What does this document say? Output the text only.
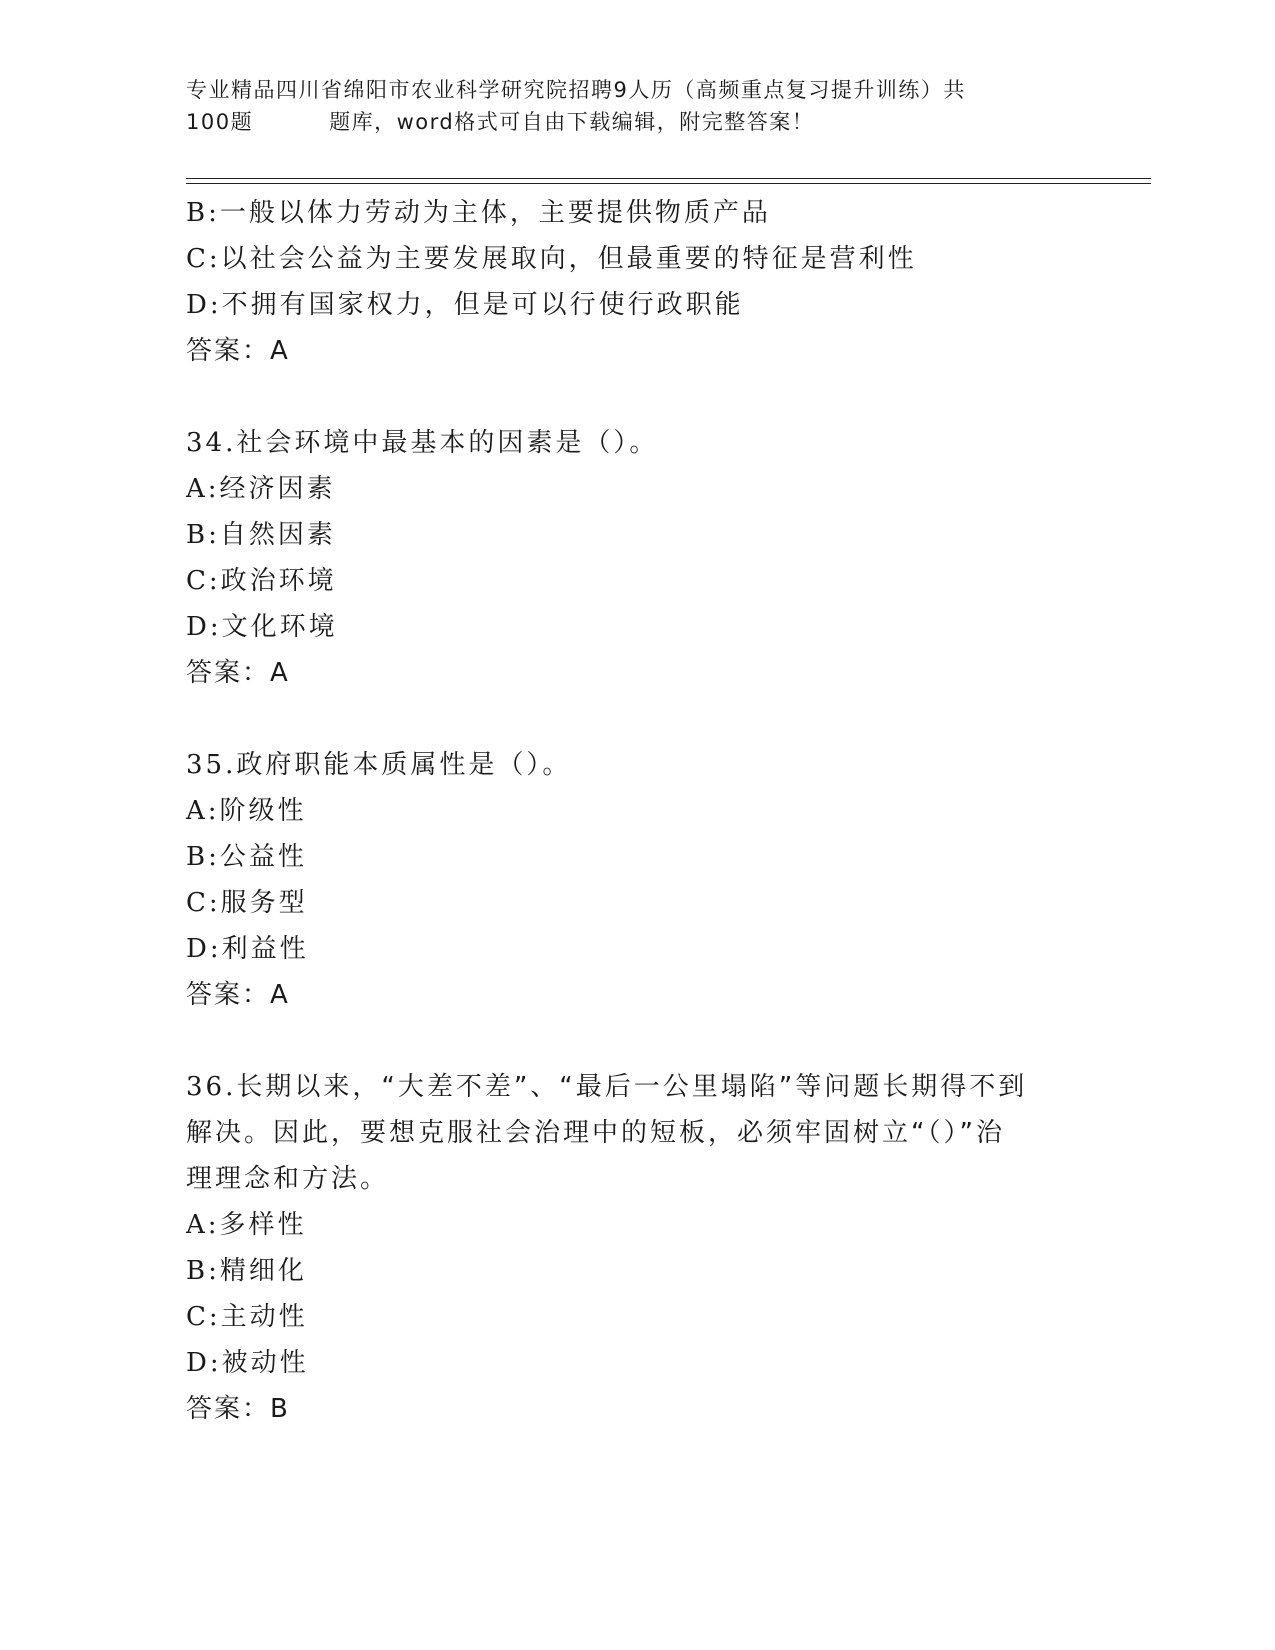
专业精品四川省绵阳市农业科学研究院招聘9人历（高频重点复习提升训练）共
100题	题库，word格式可自由下载编辑，附完整答案！
B:一般以体力劳动为主体，主要提供物质产品
C:以社会公益为主要发展取向，但最重要的特征是营利性
D:不拥有国家权力，但是可以行使行政职能
答案：A
34.社会环境中最基本的因素是（）。
A:经济因素
B:自然因素
C:政治环境
D:文化环境
答案：A
35.政府职能本质属性是（）。
A:阶级性
B:公益性
C:服务型
D:利益性
答案：A
36.长期以来，“大差不差”、“最后一公里塌陷”等问题长期得不到
解决。因此，要想克服社会治理中的短板，必须牢固树立“（）”治
理理念和方法。
A:多样性
B:精细化
C:主动性
D:被动性
答案：B
